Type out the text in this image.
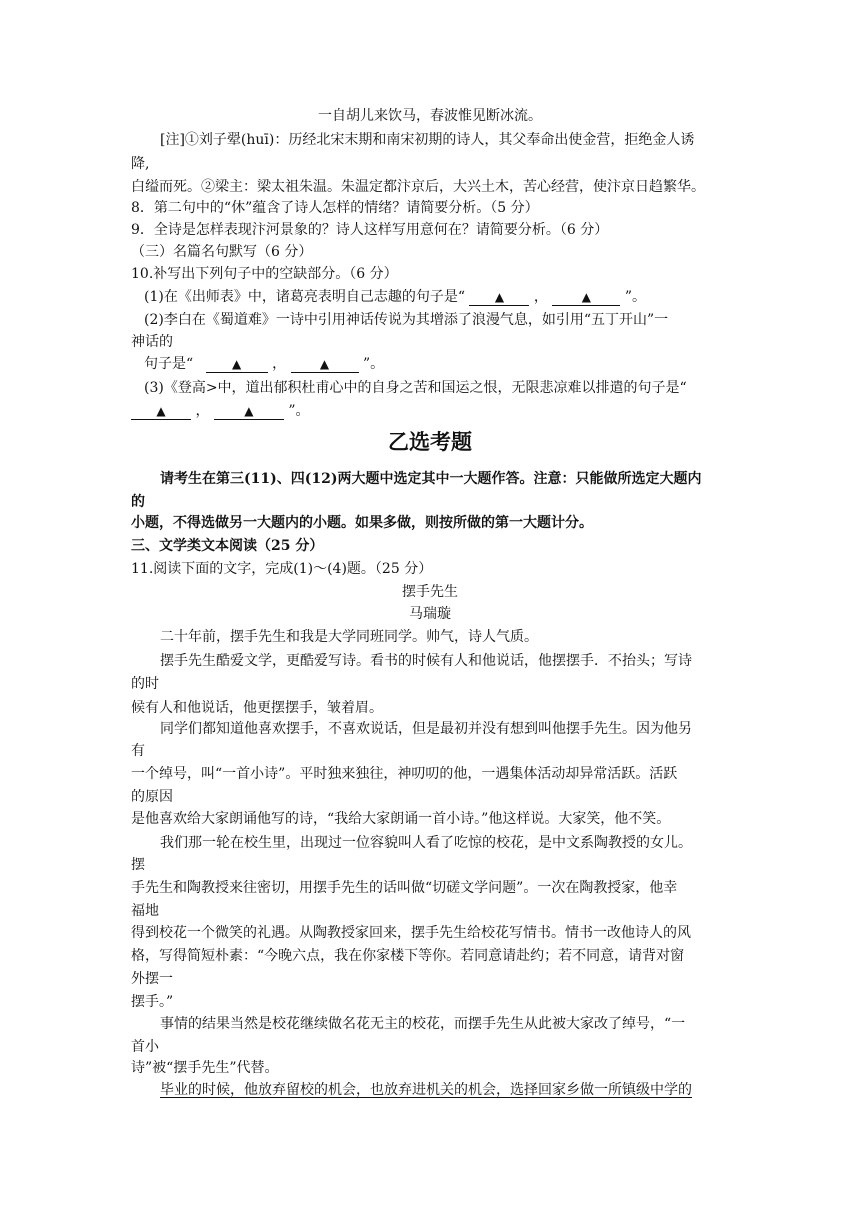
一自胡儿来饮马，春波惟见断冰流。
[注]①刘子翚(huī)：历经北宋末期和南宋初期的诗人，其父奉命出使金营，拒绝金人诱
降,
白缢而死。②梁主：梁太祖朱温。朱温定都汴京后，大兴土木，苦心经营，使汴京日趋繁华。
8．第二句中的“休”蕴含了诗人怎样的情绪？请简要分析。（5 分）
9．全诗是怎样表现汴河景象的？诗人这样写用意何在？请简要分析。（6 分）
（三）名篇名句默写（6 分）
10.补写出下列句子中的空缺部分。（6 分）
(1)在《出师表》中，诸葛亮表明自己志趣的句子是“ ▲ ，	▲ ”。
(2)李白在《蜀道难》一诗中引用神话传说为其增添了浪漫气息，如引用“五丁开山”一
神话的
句子是“	▲ ，	▲ ”。
(3)《登高>中，道出郁积杜甫心中的自身之苦和国运之恨，无限悲凉难以排遣的句子是“
▲ ，	▲ ”。
乙选考题
请考生在第三(11)、四(12)两大题中选定其中一大题作答。注意：只能做所选定大题内
的
小题，不得选做另一大题内的小题。如果多做，则按所做的第一大题计分。
三、文学类文本阅读（25 分）
11.阅读下面的文字，完成(1)～(4)题。（25 分）
摆手先生
马瑞璇
二十年前，摆手先生和我是大学同班同学。帅气，诗人气质。
摆手先生酷爱文学，更酷爱写诗。看书的时候有人和他说话，他摆摆手．不抬头；写诗
的时
候有人和他说话，他更摆摆手，皱着眉。
同学们都知道他喜欢摆手，不喜欢说话，但是最初并没有想到叫他摆手先生。因为他另
有
一个绰号，叫“一首小诗”。平时独来独往，神叨叨的他，一遇集体活动却异常活跃。活跃
的原因
是他喜欢给大家朗诵他写的诗，“我给大家朗诵一首小诗。”他这样说。大家笑，他不笑。
我们那一轮在校生里，出现过一位容貌叫人看了吃惊的校花，是中文系陶教授的女儿。
摆
手先生和陶教授来往密切，用摆手先生的话叫做“切磋文学问题”。一次在陶教授家，他幸
福地
得到校花一个微笑的礼遇。从陶教授家回来，摆手先生给校花写情书。情书一改他诗人的风
格，写得简短朴素：“今晚六点，我在你家楼下等你。若同意请赴约；若不同意，请背对窗
外摆一
摆手。”
事情的结果当然是校花继续做名花无主的校花，而摆手先生从此被大家改了绰号，“一
首小
诗”被“摆手先生”代替。
毕业的时候，他放弃留校的机会，也放弃进机关的机会，选择回家乡做一所镇级中学的
